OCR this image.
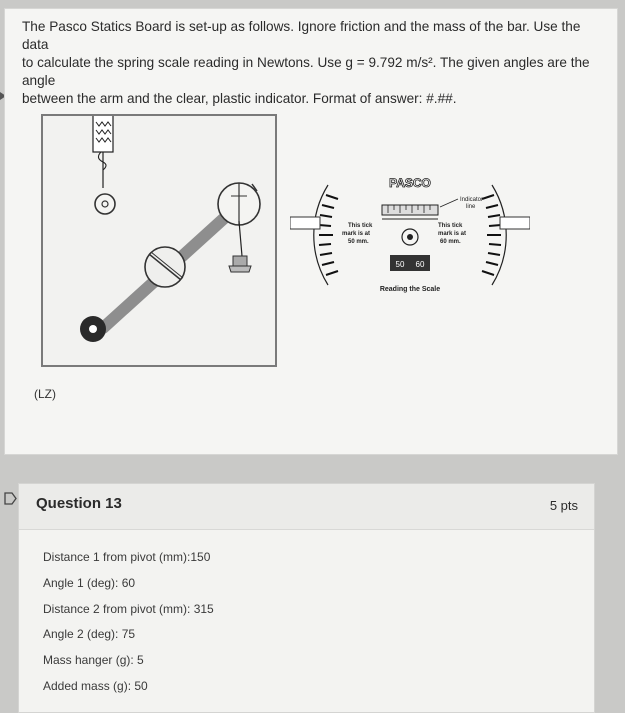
The Pasco Statics Board is set-up as follows. Ignore friction and the mass of the bar. Use the data
to calculate the spring scale reading in Newtons. Use g = 9.792 m/s². The given angles are the angle
between the arm and the clear, plastic indicator. Format of answer: #.##.
PASCO
Indicator
line
This tick
mark is at
50 mm.
This tick
mark is at
60 mm.
50 60
Reading the Scale
(LZ)
Question 13	5 pts
Distance 1 from pivot (mm):150
Angle 1 (deg): 60
Distance 2 from pivot (mm): 315
Angle 2 (deg): 75
Mass hanger (g): 5
Added mass (g): 50
